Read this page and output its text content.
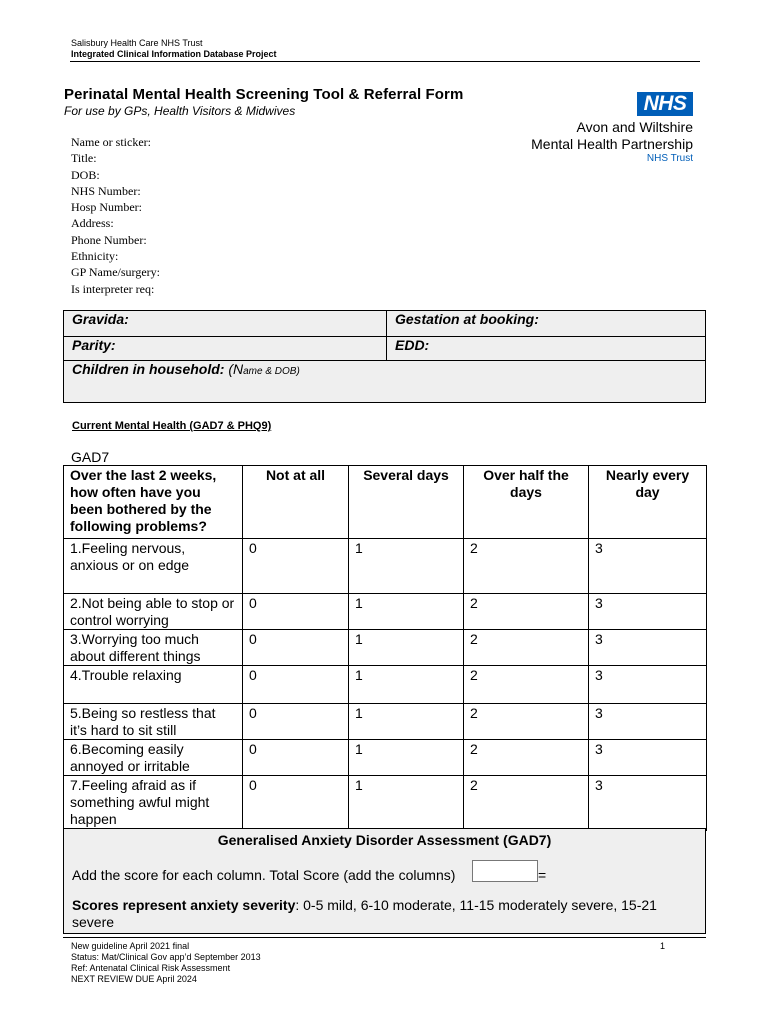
Salisbury Health Care NHS Trust
Integrated Clinical Information Database Project
Perinatal Mental Health Screening Tool & Referral Form
For use by GPs, Health Visitors & Midwives	NHS
Avon and Wiltshire
Mental Health Partnership
NHS Trust
Name or sticker:
Title:
DOB:
NHS Number:
Hosp Number:
Address:
Phone Number:
Ethnicity:
GP Name/surgery:
Is interpreter req:
Gravida:	Gestation at booking:
Parity:	EDD:
Children in household: (Name & DOB)	
Current Mental Health (GAD7 & PHQ9)
GAD7
Over the last 2 weeks, how often have you been bothered by the following problems?	Not at all	Several days	Over half the days	Nearly every day
1.Feeling nervous, anxious or on edge	0	1	2	3
2.Not being able to stop or control worrying	0	1	2	3
3.Worrying too much about different things	0	1	2	3
4.Trouble relaxing	0	1	2	3
5.Being so restless that it’s hard to sit still	0	1	2	3
6.Becoming easily annoyed or irritable	0	1	2	3
7.Feeling afraid as if something awful might happen	0	1	2	3
Generalised Anxiety Disorder Assessment (GAD7)
Add the score for each column. Total Score (add the columns)	=
Scores represent anxiety severity: 0-5 mild, 6-10 moderate, 11-15 moderately severe, 15-21 severe
New guideline April 2021 final
Status: Mat/Clinical Gov app’d September 2013
Ref: Antenatal Clinical Risk Assessment
NEXT REVIEW DUE April 2024
1
